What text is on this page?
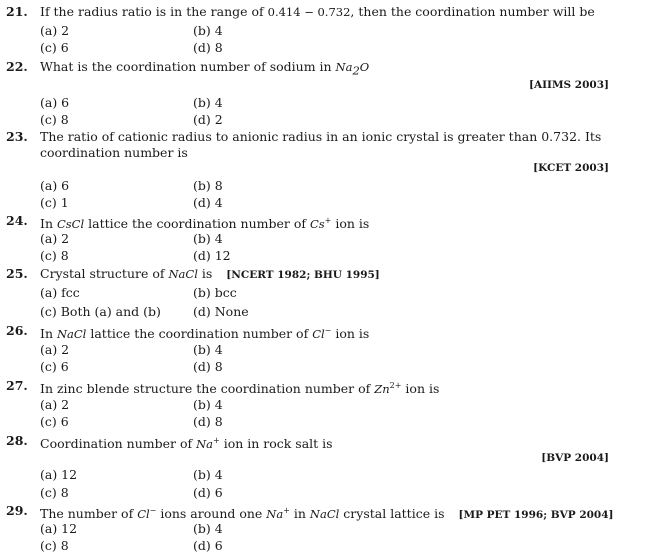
21. If the radius ratio is in the range of 0.414 − 0.732, then the coordination number will be
(a) 2	(b) 4
(c) 6	(d) 8
22. What is the coordination number of sodium in $Na_2O$
[AIIMS 2003]
(a) 6	(b) 4
(c) 8	(d) 2
23. The ratio of cationic radius to anionic radius in an ionic crystal is greater than 0.732. Its coordination number is
[KCET 2003]
(a) 6	(b) 8
(c) 1	(d) 4
24. In CsCl lattice the coordination number of Cs+ ion is
(a) 2	(b) 4
(c) 8	(d) 12
25. Crystal structure of NaCl is [NCERT 1982; BHU 1995]
(a) fcc	(b) bcc
(c) Both (a) and (b)	(d) None
26. In NaCl lattice the coordination number of Cl− ion is
(a) 2	(b) 4
(c) 6	(d) 8
27. In zinc blende structure the coordination number of $Zn^{2+}$ ion is
(a) 2	(b) 4
(c) 6	(d) 8
28. Coordination number of Na+ ion in rock salt is
[BVP 2004]
(a) 12	(b) 4
(c) 8	(d) 6
29. The number of Cl− ions around one Na+ in NaCl crystal lattice is [MP PET 1996; BVP 2004]
(a) 12	(b) 4
(c) 8	(d) 6
